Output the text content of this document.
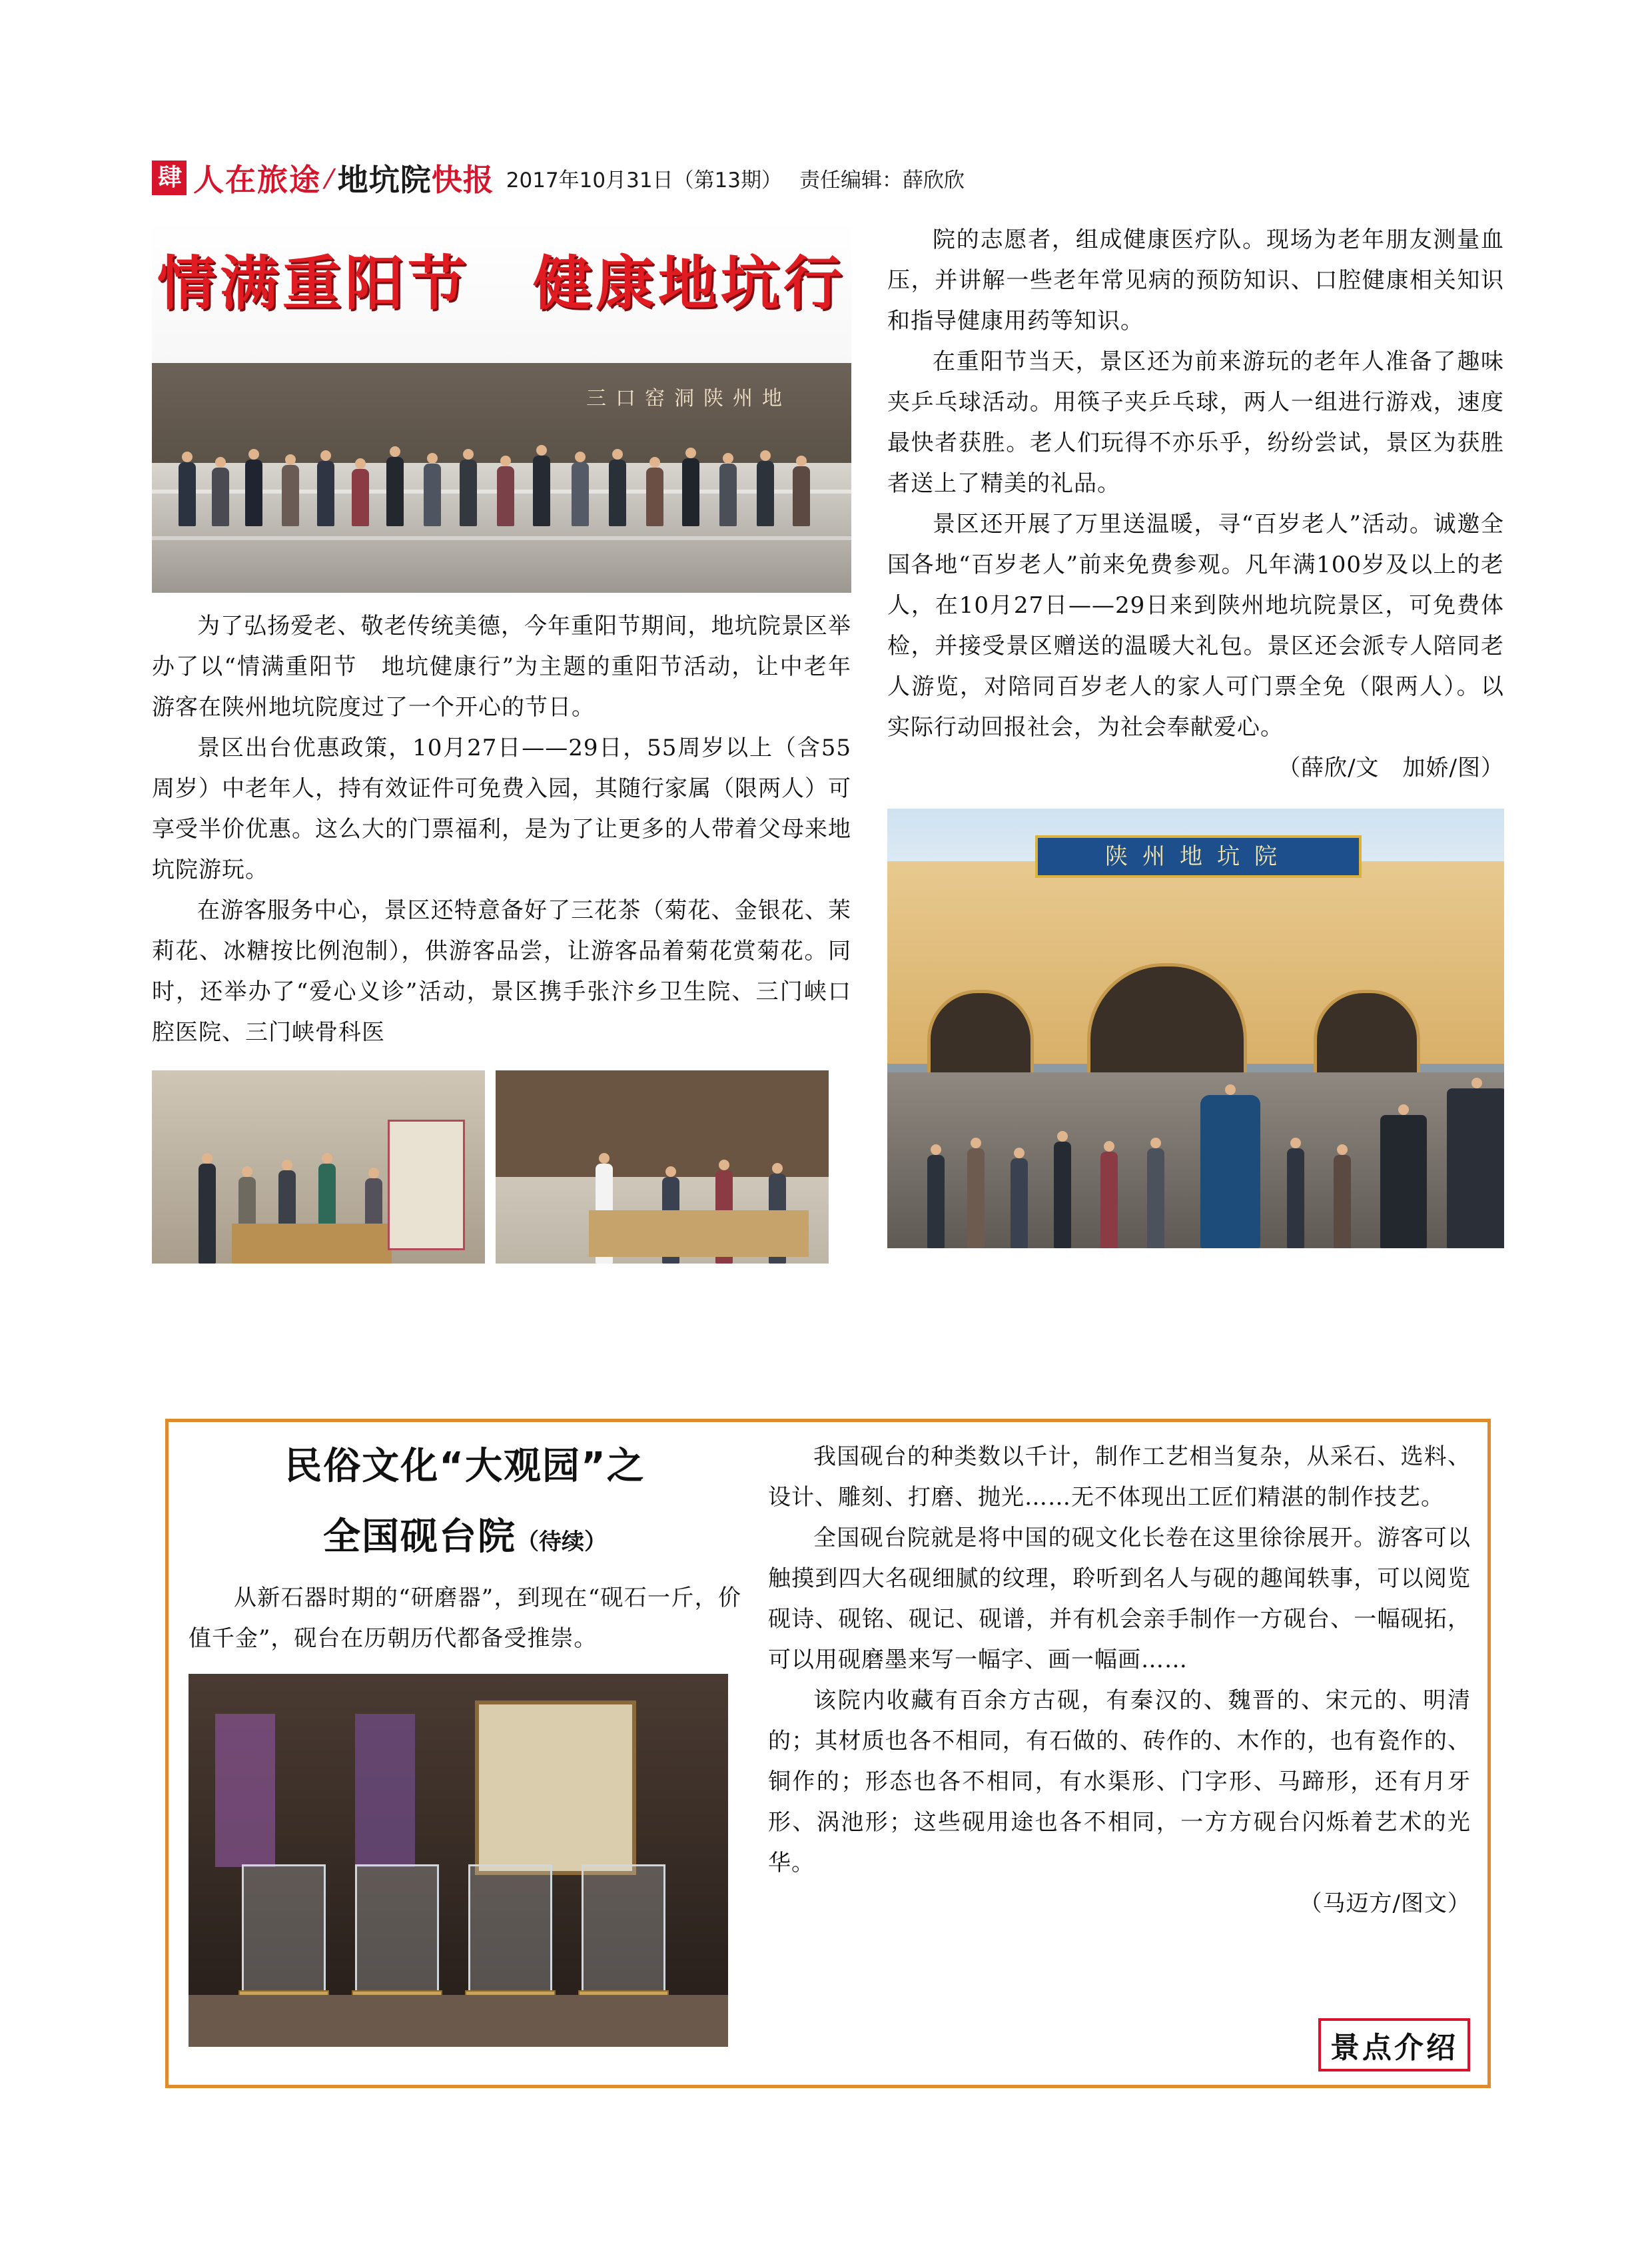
肆 人在旅途 / 地坑院 快报 2017年10月31日（第13期） 责任编辑：薛欣欣
情满重阳节　健康地坑行
三口窑洞陕州地

为了弘扬爱老、敬老传统美德，今年重阳节期间，地坑院景区举办了以“情满重阳节　地坑健康行”为主题的重阳节活动，让中老年游客在陕州地坑院度过了一个开心的节日。

景区出台优惠政策，10月27日——29日，55周岁以上（含55周岁）中老年人，持有效证件可免费入园，其随行家属（限两人）可享受半价优惠。这么大的门票福利，是为了让更多的人带着父母来地坑院游玩。

在游客服务中心，景区还特意备好了三花茶（菊花、金银花、茉莉花、冰糖按比例泡制），供游客品尝，让游客品着菊花赏菊花。同时，还举办了“爱心义诊”活动，景区携手张汴乡卫生院、三门峡口腔医院、三门峡骨科医

院的志愿者，组成健康医疗队。现场为老年朋友测量血压，并讲解一些老年常见病的预防知识、口腔健康相关知识和指导健康用药等知识。

在重阳节当天，景区还为前来游玩的老年人准备了趣味夹乒乓球活动。用筷子夹乒乓球，两人一组进行游戏，速度最快者获胜。老人们玩得不亦乐乎，纷纷尝试，景区为获胜者送上了精美的礼品。

景区还开展了万里送温暖，寻“百岁老人”活动。诚邀全国各地“百岁老人”前来免费参观。凡年满100岁及以上的老人，在10月27日——29日来到陕州地坑院景区，可免费体检，并接受景区赠送的温暖大礼包。景区还会派专人陪同老人游览，对陪同百岁老人的家人可门票全免（限两人）。以实际行动回报社会，为社会奉献爱心。

（薛欣/文　加娇/图）

陕州地坑院
民俗文化“大观园”之
全国砚台院（待续）

从新石器时期的“研磨器”，到现在“砚石一斤，价值千金”，砚台在历朝历代都备受推崇。

我国砚台的种类数以千计，制作工艺相当复杂，从采石、选料、设计、雕刻、打磨、抛光……无不体现出工匠们精湛的制作技艺。

全国砚台院就是将中国的砚文化长卷在这里徐徐展开。游客可以触摸到四大名砚细腻的纹理，聆听到名人与砚的趣闻轶事，可以阅览砚诗、砚铭、砚记、砚谱，并有机会亲手制作一方砚台、一幅砚拓，可以用砚磨墨来写一幅字、画一幅画……

该院内收藏有百余方古砚，有秦汉的、魏晋的、宋元的、明清的；其材质也各不相同，有石做的、砖作的、木作的，也有瓷作的、铜作的；形态也各不相同，有水渠形、门字形、马蹄形，还有月牙形、涡池形；这些砚用途也各不相同，一方方砚台闪烁着艺术的光华。

（马迈方/图文）

景点介绍
